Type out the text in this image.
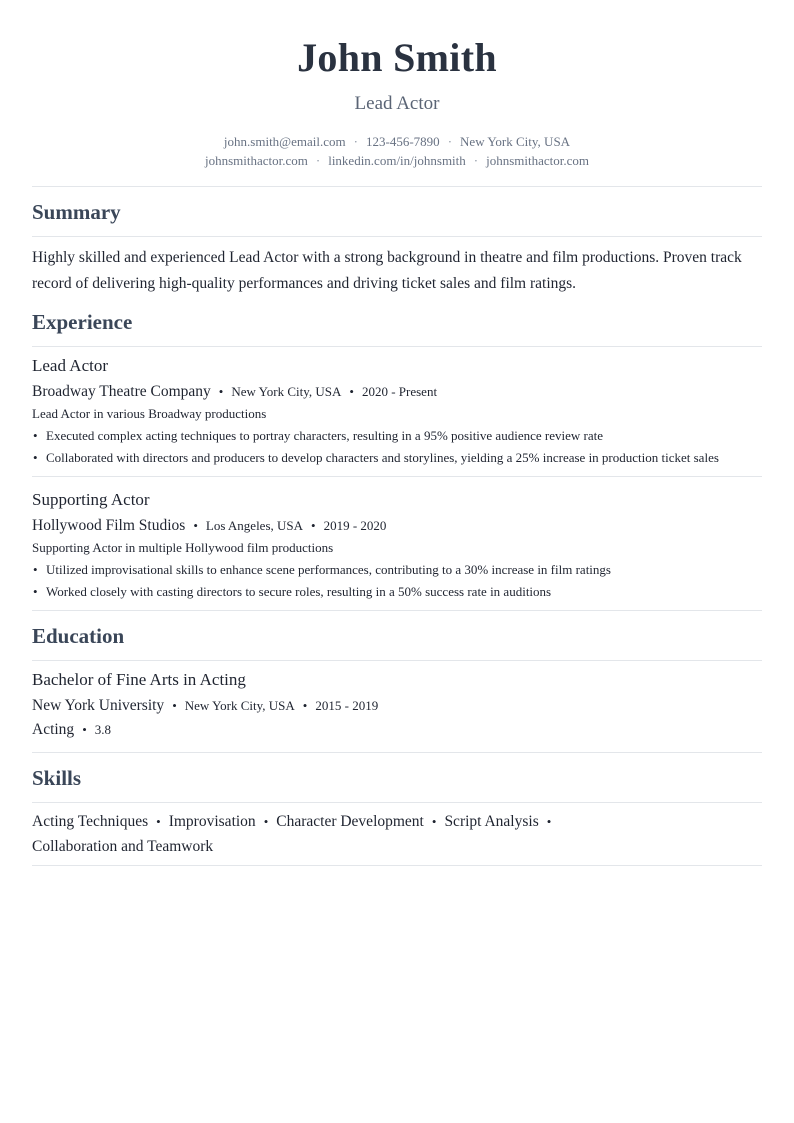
John Smith
Lead Actor
john.smith@email.com · 123-456-7890 · New York City, USA
johnsmithactor.com · linkedin.com/in/johnsmith · johnsmithactor.com
Summary

Highly skilled and experienced Lead Actor with a strong background in theatre and film productions. Proven track record of delivering high-quality performances and driving ticket sales and film ratings.

Experience
Lead Actor
Broadway Theatre Company • New York City, USA • 2020 - Present
Lead Actor in various Broadway productions
• Executed complex acting techniques to portray characters, resulting in a 95% positive audience review rate
• Collaborated with directors and producers to develop characters and storylines, yielding a 25% increase in production ticket sales
Supporting Actor
Hollywood Film Studios • Los Angeles, USA • 2019 - 2020
Supporting Actor in multiple Hollywood film productions
• Utilized improvisational skills to enhance scene performances, contributing to a 30% increase in film ratings
• Worked closely with casting directors to secure roles, resulting in a 50% success rate in auditions
Education
Bachelor of Fine Arts in Acting
New York University • New York City, USA • 2015 - 2019
Acting • 3.8
Skills
Acting Techniques • Improvisation • Character Development • Script Analysis •
Collaboration and Teamwork
